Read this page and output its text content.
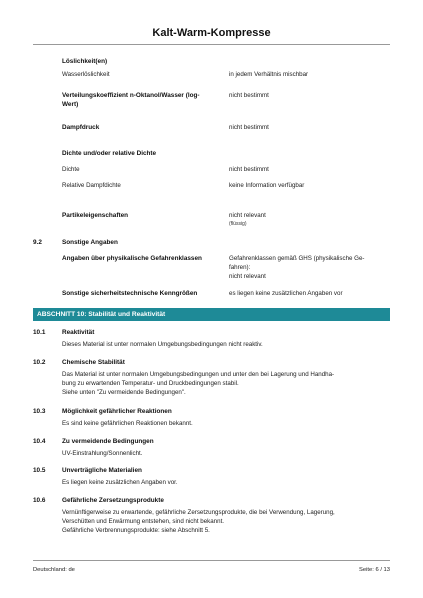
Kalt-Warm-Kompresse
Löslichkeit(en)
Wasserlöslichkeit	in jedem Verhältnis mischbar
Verteilungskoeffizient n-Oktanol/Wasser (log-
Wert)
nicht bestimmt
Dampfdruck	nicht bestimmt
Dichte und/oder relative Dichte
Dichte	nicht bestimmt
Relative Dampfdichte	keine Information verfügbar
Partikeleigenschaften	nicht relevant
(flüssig)
9.2	Sonstige Angaben
Angaben über physikalische Gefahrenklassen	Gefahrenklassen gemäß GHS (physikalische Ge-
fahren):
nicht relevant
Sonstige sicherheitstechnische Kenngrößen	es liegen keine zusätzlichen Angaben vor
ABSCHNITT 10: Stabilität und Reaktivität
10.1	Reaktivität
Dieses Material ist unter normalen Umgebungsbedingungen nicht reaktiv.
10.2	Chemische Stabilität
Das Material ist unter normalen Umgebungsbedingungen und unter den bei Lagerung und Handha-
bung zu erwartenden Temperatur- und Druckbedingungen stabil.
Siehe unten "Zu vermeidende Bedingungen".
10.3	Möglichkeit gefährlicher Reaktionen
Es sind keine gefährlichen Reaktionen bekannt.
10.4	Zu vermeidende Bedingungen
UV-Einstrahlung/Sonnenlicht.
10.5	Unverträgliche Materialien
Es liegen keine zusätzlichen Angaben vor.
10.6	Gefährliche Zersetzungsprodukte
Vernünftigerweise zu erwartende, gefährliche Zersetzungsprodukte, die bei Verwendung, Lagerung,
Verschütten und Erwärmung entstehen, sind nicht bekannt.
Gefährliche Verbrennungsprodukte: siehe Abschnitt 5.
Deutschland: de	Seite: 6 / 13
